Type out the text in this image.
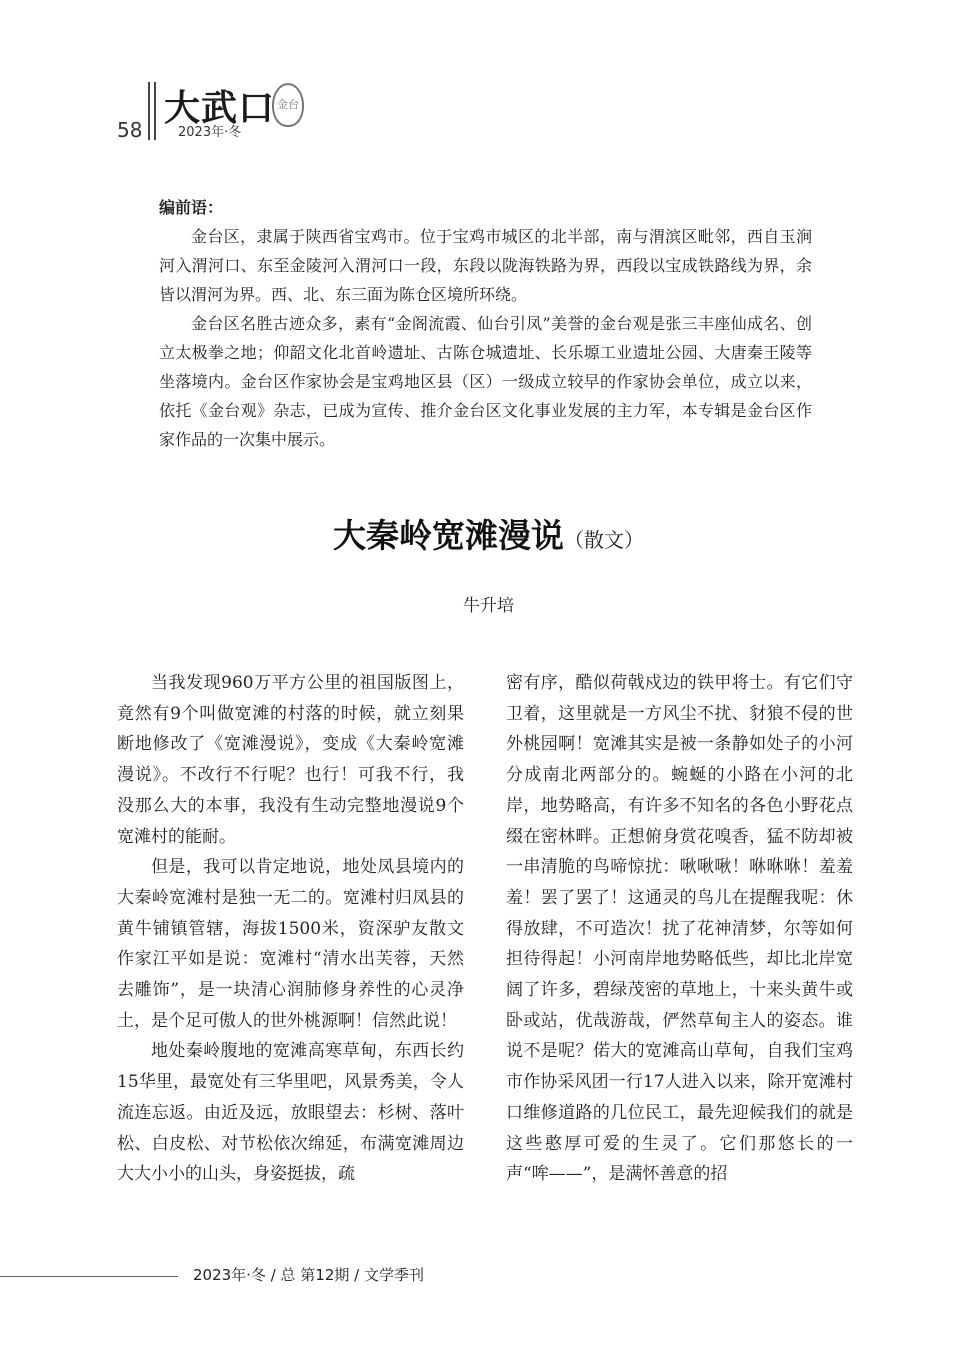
58
大武口 金台
2023年·冬
编前语：

金台区，隶属于陕西省宝鸡市。位于宝鸡市城区的北半部，南与渭滨区毗邻，西自玉涧河入渭河口、东至金陵河入渭河口一段，东段以陇海铁路为界，西段以宝成铁路线为界，余皆以渭河为界。西、北、东三面为陈仓区境所环绕。

金台区名胜古迹众多，素有“金阁流霞、仙台引凤”美誉的金台观是张三丰座仙成名、创立太极拳之地；仰韶文化北首岭遗址、古陈仓城遗址、长乐塬工业遗址公园、大唐秦王陵等坐落境内。金台区作家协会是宝鸡地区县（区）一级成立较早的作家协会单位，成立以来，依托《金台观》杂志，已成为宣传、推介金台区文化事业发展的主力军，本专辑是金台区作家作品的一次集中展示。

大秦岭宽滩漫说（散文）
牛升培

当我发现960万平方公里的祖国版图上，竟然有9个叫做宽滩的村落的时候，就立刻果断地修改了《宽滩漫说》，变成《大秦岭宽滩漫说》。不改行不行呢？也行！可我不行，我没那么大的本事，我没有生动完整地漫说9个宽滩村的能耐。

但是，我可以肯定地说，地处凤县境内的大秦岭宽滩村是独一无二的。宽滩村归凤县的黄牛铺镇管辖，海拔1500米，资深驴友散文作家江平如是说：宽滩村“清水出芙蓉，天然去雕饰”，是一块清心润肺修身养性的心灵净土，是个足可傲人的世外桃源啊！信然此说！

地处秦岭腹地的宽滩高寒草甸，东西长约15华里，最宽处有三华里吧，风景秀美，令人流连忘返。由近及远，放眼望去：杉树、落叶松、白皮松、对节松依次绵延，布满宽滩周边大大小小的山头，身姿挺拔，疏

密有序，酷似荷戟戍边的铁甲将士。有它们守卫着，这里就是一方风尘不扰、豺狼不侵的世外桃园啊！宽滩其实是被一条静如处子的小河分成南北两部分的。蜿蜒的小路在小河的北岸，地势略高，有许多不知名的各色小野花点缀在密林畔。正想俯身赏花嗅香，猛不防却被一串清脆的鸟啼惊扰：啾啾啾！咻咻咻！羞羞羞！罢了罢了！这通灵的鸟儿在提醒我呢：休得放肆，不可造次！扰了花神清梦，尔等如何担待得起！小河南岸地势略低些，却比北岸宽阔了许多，碧绿茂密的草地上，十来头黄牛或卧或站，优哉游哉，俨然草甸主人的姿态。谁说不是呢？偌大的宽滩高山草甸，自我们宝鸡市作协采风团一行17人进入以来，除开宽滩村口维修道路的几位民工，最先迎候我们的就是这些憨厚可爱的生灵了。它们那悠长的一声“哞——”，是满怀善意的招

2023年·冬 / 总 第12期 / 文学季刊
